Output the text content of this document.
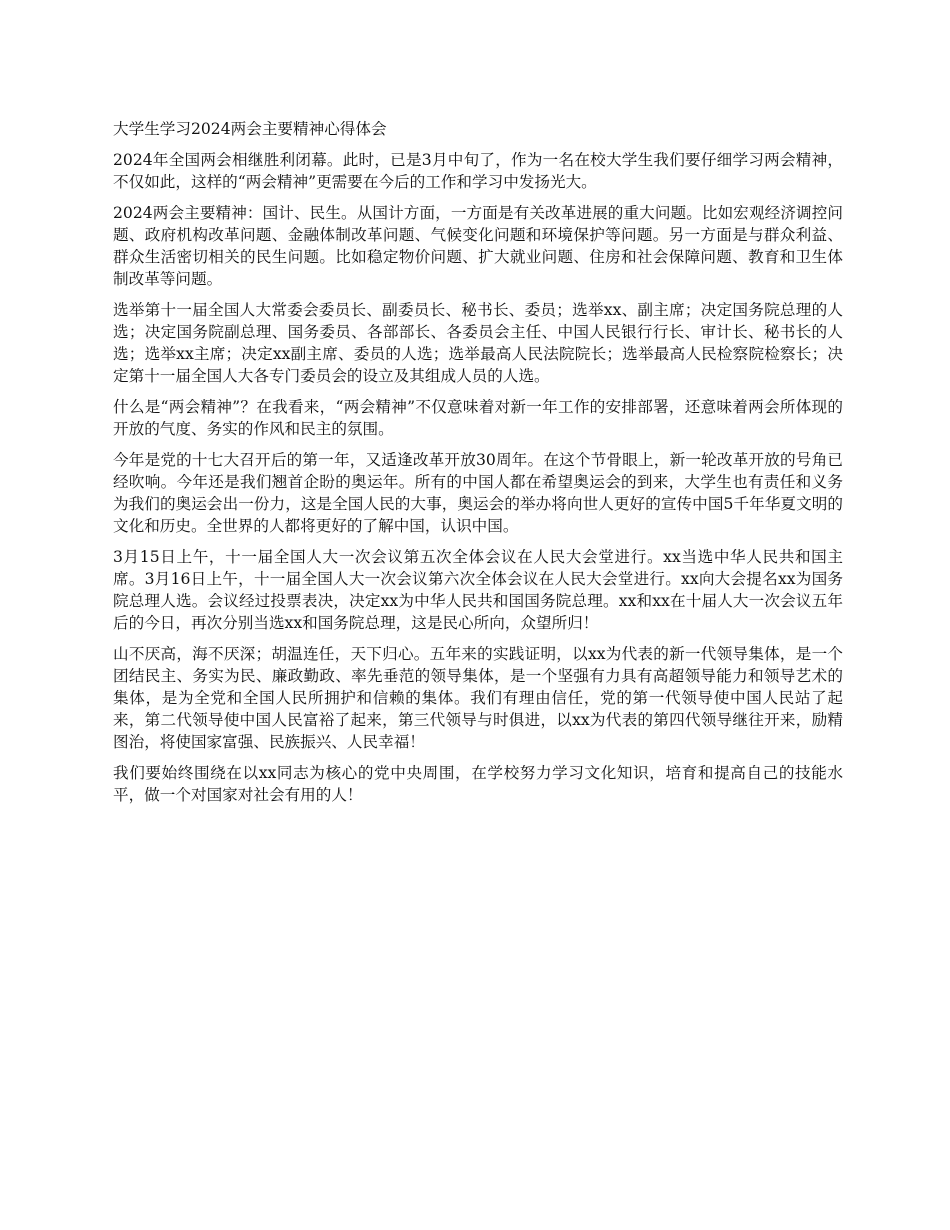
大学生学习2024两会主要精神心得体会

2024年全国两会相继胜利闭幕。此时，已是3月中旬了，作为一名在校大学生我们要仔细学习两会精神，不仅如此，这样的“两会精神”更需要在今后的工作和学习中发扬光大。

2024两会主要精神：国计、民生。从国计方面，一方面是有关改革进展的重大问题。比如宏观经济调控问题、政府机构改革问题、金融体制改革问题、气候变化问题和环境保护等问题。另一方面是与群众利益、群众生活密切相关的民生问题。比如稳定物价问题、扩大就业问题、住房和社会保障问题、教育和卫生体制改革等问题。

选举第十一届全国人大常委会委员长、副委员长、秘书长、委员；选举xx、副主席；决定国务院总理的人选；决定国务院副总理、国务委员、各部部长、各委员会主任、中国人民银行行长、审计长、秘书长的人选；选举xx主席；决定xx副主席、委员的人选；选举最高人民法院院长；选举最高人民检察院检察长；决定第十一届全国人大各专门委员会的设立及其组成人员的人选。

什么是“两会精神”？在我看来，“两会精神”不仅意味着对新一年工作的安排部署，还意味着两会所体现的开放的气度、务实的作风和民主的氛围。

今年是党的十七大召开后的第一年，又适逢改革开放30周年。在这个节骨眼上，新一轮改革开放的号角已经吹响。今年还是我们翘首企盼的奥运年。所有的中国人都在希望奥运会的到来，大学生也有责任和义务为我们的奥运会出一份力，这是全国人民的大事，奥运会的举办将向世人更好的宣传中国5千年华夏文明的文化和历史。全世界的人都将更好的了解中国，认识中国。

3月15日上午，十一届全国人大一次会议第五次全体会议在人民大会堂进行。xx当选中华人民共和国主席。3月16日上午，十一届全国人大一次会议第六次全体会议在人民大会堂进行。xx向大会提名xx为国务院总理人选。会议经过投票表决，决定xx为中华人民共和国国务院总理。xx和xx在十届人大一次会议五年后的今日，再次分别当选xx和国务院总理，这是民心所向，众望所归！

山不厌高，海不厌深；胡温连任，天下归心。五年来的实践证明，以xx为代表的新一代领导集体，是一个团结民主、务实为民、廉政勤政、率先垂范的领导集体，是一个坚强有力具有高超领导能力和领导艺术的集体，是为全党和全国人民所拥护和信赖的集体。我们有理由信任，党的第一代领导使中国人民站了起来，第二代领导使中国人民富裕了起来，第三代领导与时俱进，以xx为代表的第四代领导继往开来，励精图治，将使国家富强、民族振兴、人民幸福！

我们要始终围绕在以xx同志为核心的党中央周围，在学校努力学习文化知识，培育和提高自己的技能水平，做一个对国家对社会有用的人！
